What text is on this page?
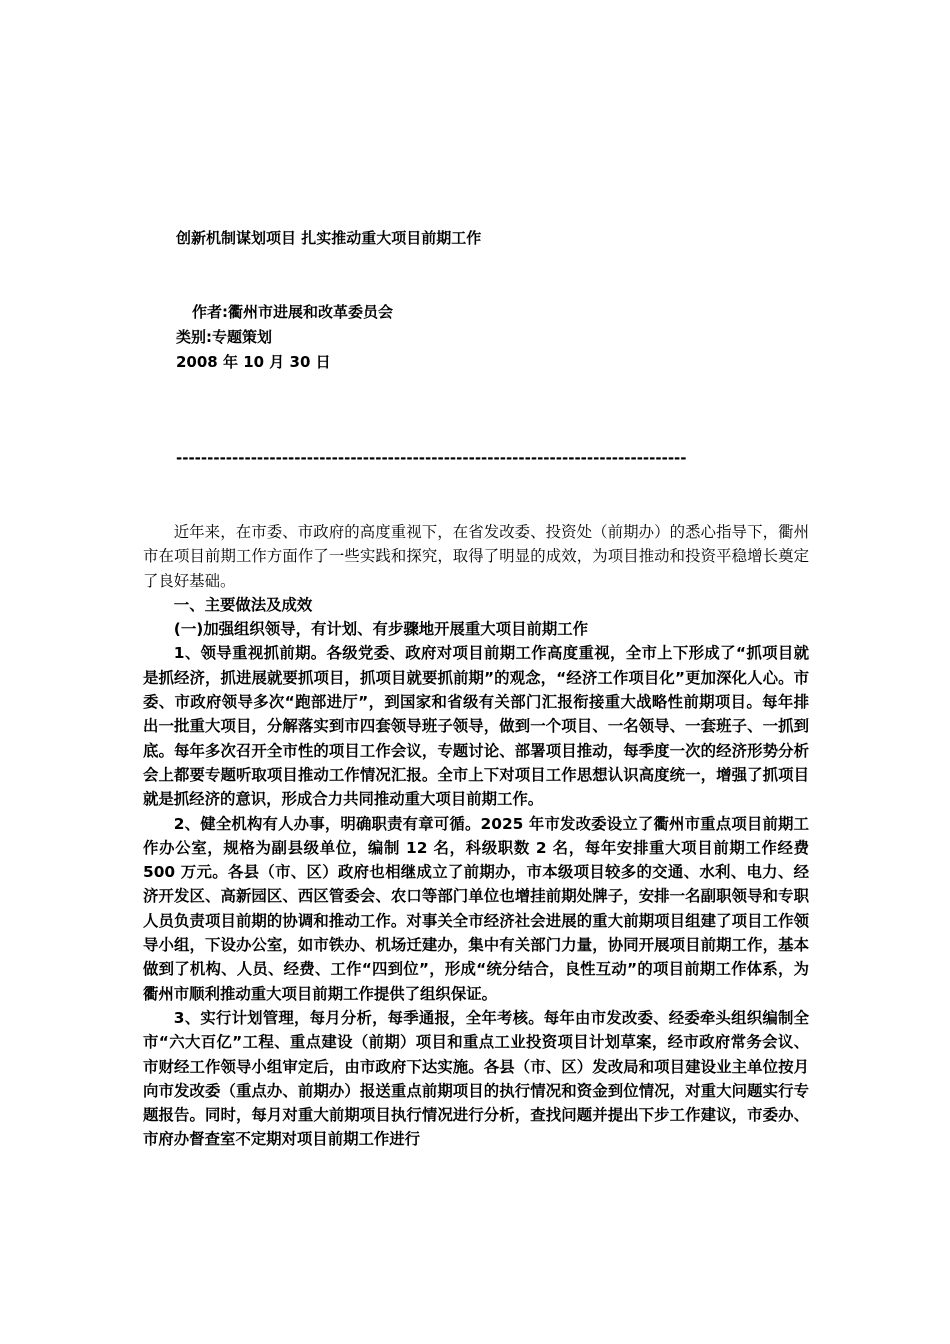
创新机制谋划项目 扎实推动重大项目前期工作
作者:衢州市进展和改革委员会
类别:专题策划
2008 年 10 月 30 日
----------------------------------------------------------------------------------

近年来，在市委、市政府的高度重视下，在省发改委、投资处（前期办）的悉心指导下，衢州市在项目前期工作方面作了一些实践和探究，取得了明显的成效，为项目推动和投资平稳增长奠定了良好基础。

一、主要做法及成效

(一)加强组织领导，有计划、有步骤地开展重大项目前期工作

1、领导重视抓前期。各级党委、政府对项目前期工作高度重视，全市上下形成了“抓项目就是抓经济，抓进展就要抓项目，抓项目就要抓前期”的观念，“经济工作项目化”更加深化人心。市委、市政府领导多次“跑部进厅”，到国家和省级有关部门汇报衔接重大战略性前期项目。每年排出一批重大项目，分解落实到市四套领导班子领导，做到一个项目、一名领导、一套班子、一抓到底。每年多次召开全市性的项目工作会议，专题讨论、部署项目推动，每季度一次的经济形势分析会上都要专题听取项目推动工作情况汇报。全市上下对项目工作思想认识高度统一，增强了抓项目就是抓经济的意识，形成合力共同推动重大项目前期工作。

2、健全机构有人办事，明确职责有章可循。2025 年市发改委设立了衢州市重点项目前期工作办公室，规格为副县级单位，编制 12 名，科级职数 2 名，每年安排重大项目前期工作经费 500 万元。各县（市、区）政府也相继成立了前期办，市本级项目较多的交通、水利、电力、经济开发区、高新园区、西区管委会、农口等部门单位也增挂前期处牌子，安排一名副职领导和专职人员负责项目前期的协调和推动工作。对事关全市经济社会进展的重大前期项目组建了项目工作领导小组，下设办公室，如市铁办、机场迁建办，集中有关部门力量，协同开展项目前期工作，基本做到了机构、人员、经费、工作“四到位”，形成“统分结合，良性互动”的项目前期工作体系，为衢州市顺利推动重大项目前期工作提供了组织保证。

3、实行计划管理，每月分析，每季通报，全年考核。每年由市发改委、经委牵头组织编制全市“六大百亿”工程、重点建设（前期）项目和重点工业投资项目计划草案，经市政府常务会议、市财经工作领导小组审定后，由市政府下达实施。各县（市、区）发改局和项目建设业主单位按月向市发改委（重点办、前期办）报送重点前期项目的执行情况和资金到位情况，对重大问题实行专题报告。同时，每月对重大前期项目执行情况进行分析，查找问题并提出下步工作建议，市委办、市府办督查室不定期对项目前期工作进行
